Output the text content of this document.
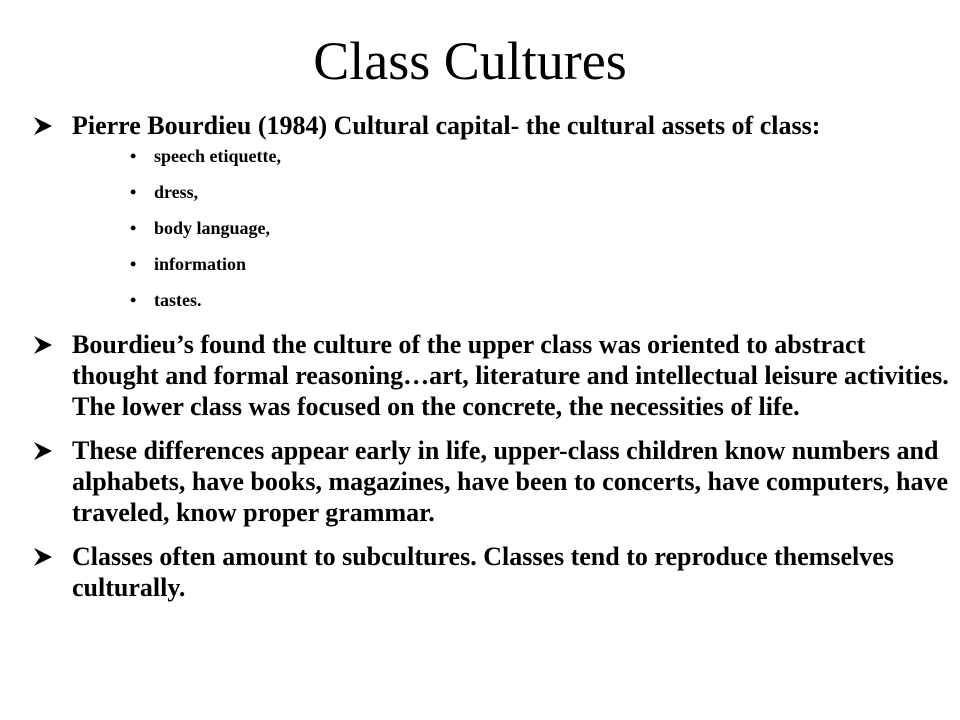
Class Cultures
Pierre Bourdieu (1984) Cultural capital- the cultural assets of class:
• speech etiquette,
• dress,
• body language,
• information
• tastes.
Bourdieu’s found the culture of the upper class was oriented to abstract thought and formal reasoning…art, literature and intellectual leisure activities. The lower class was focused on the concrete, the necessities of life.
These differences appear early in life, upper-class children know numbers and alphabets, have books, magazines, have been to concerts, have computers, have traveled, know proper grammar.
Classes often amount to subcultures. Classes tend to reproduce themselves culturally.
